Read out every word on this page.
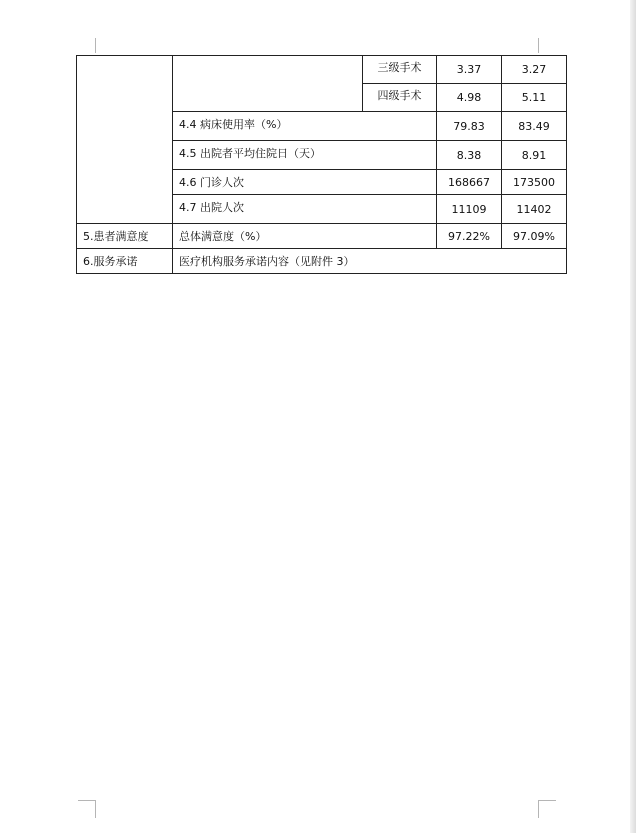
		三级手术	3.37	3.27
		四级手术	4.98	5.11
	4.4 病床使用率（%）		79.83	83.49
	4.5 出院者平均住院日（天）		8.38	8.91
	4.6 门诊人次		168667	173500
	4.7 出院人次		11109	11402
5.患者满意度	总体满意度（%）		97.22%	97.09%
6.服务承诺	医疗机构服务承诺内容（见附件 3）			
